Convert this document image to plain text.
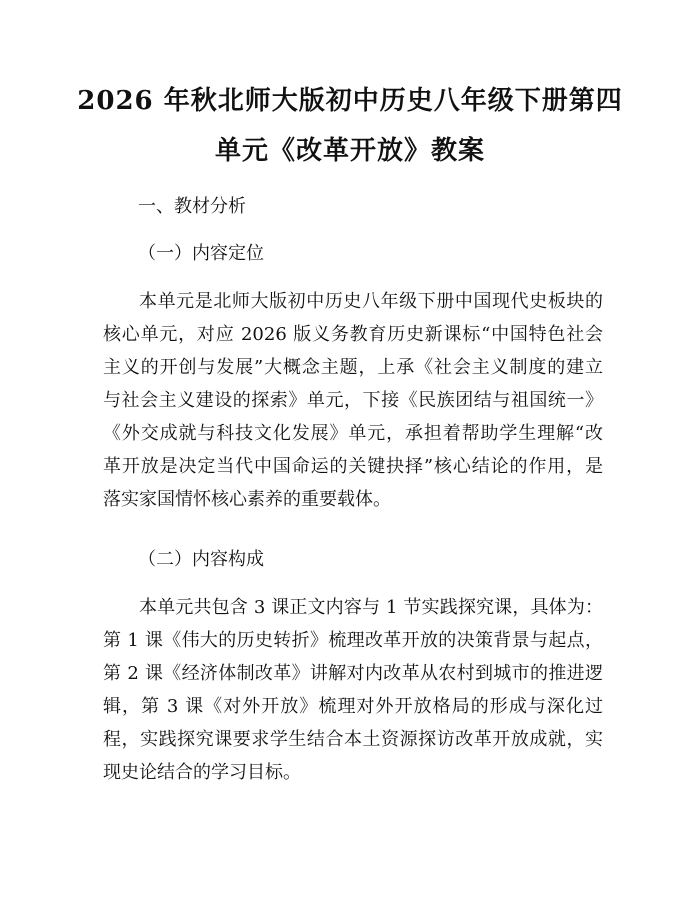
2026 年秋北师大版初中历史八年级下册第四
单元《改革开放》教案
一、教材分析
（一）内容定位
本单元是北师大版初中历史八年级下册中国现代史板块的
核心单元，对应 2026 版义务教育历史新课标“中国特色社会
主义的开创与发展”大概念主题，上承《社会主义制度的建立
与社会主义建设的探索》单元，下接《民族团结与祖国统一》
《外交成就与科技文化发展》单元，承担着帮助学生理解“改
革开放是决定当代中国命运的关键抉择”核心结论的作用，是
落实家国情怀核心素养的重要载体。
（二）内容构成
本单元共包含 3 课正文内容与 1 节实践探究课，具体为：
第 1 课《伟大的历史转折》梳理改革开放的决策背景与起点，
第 2 课《经济体制改革》讲解对内改革从农村到城市的推进逻
辑，第 3 课《对外开放》梳理对外开放格局的形成与深化过
程，实践探究课要求学生结合本土资源探访改革开放成就，实
现史论结合的学习目标。
